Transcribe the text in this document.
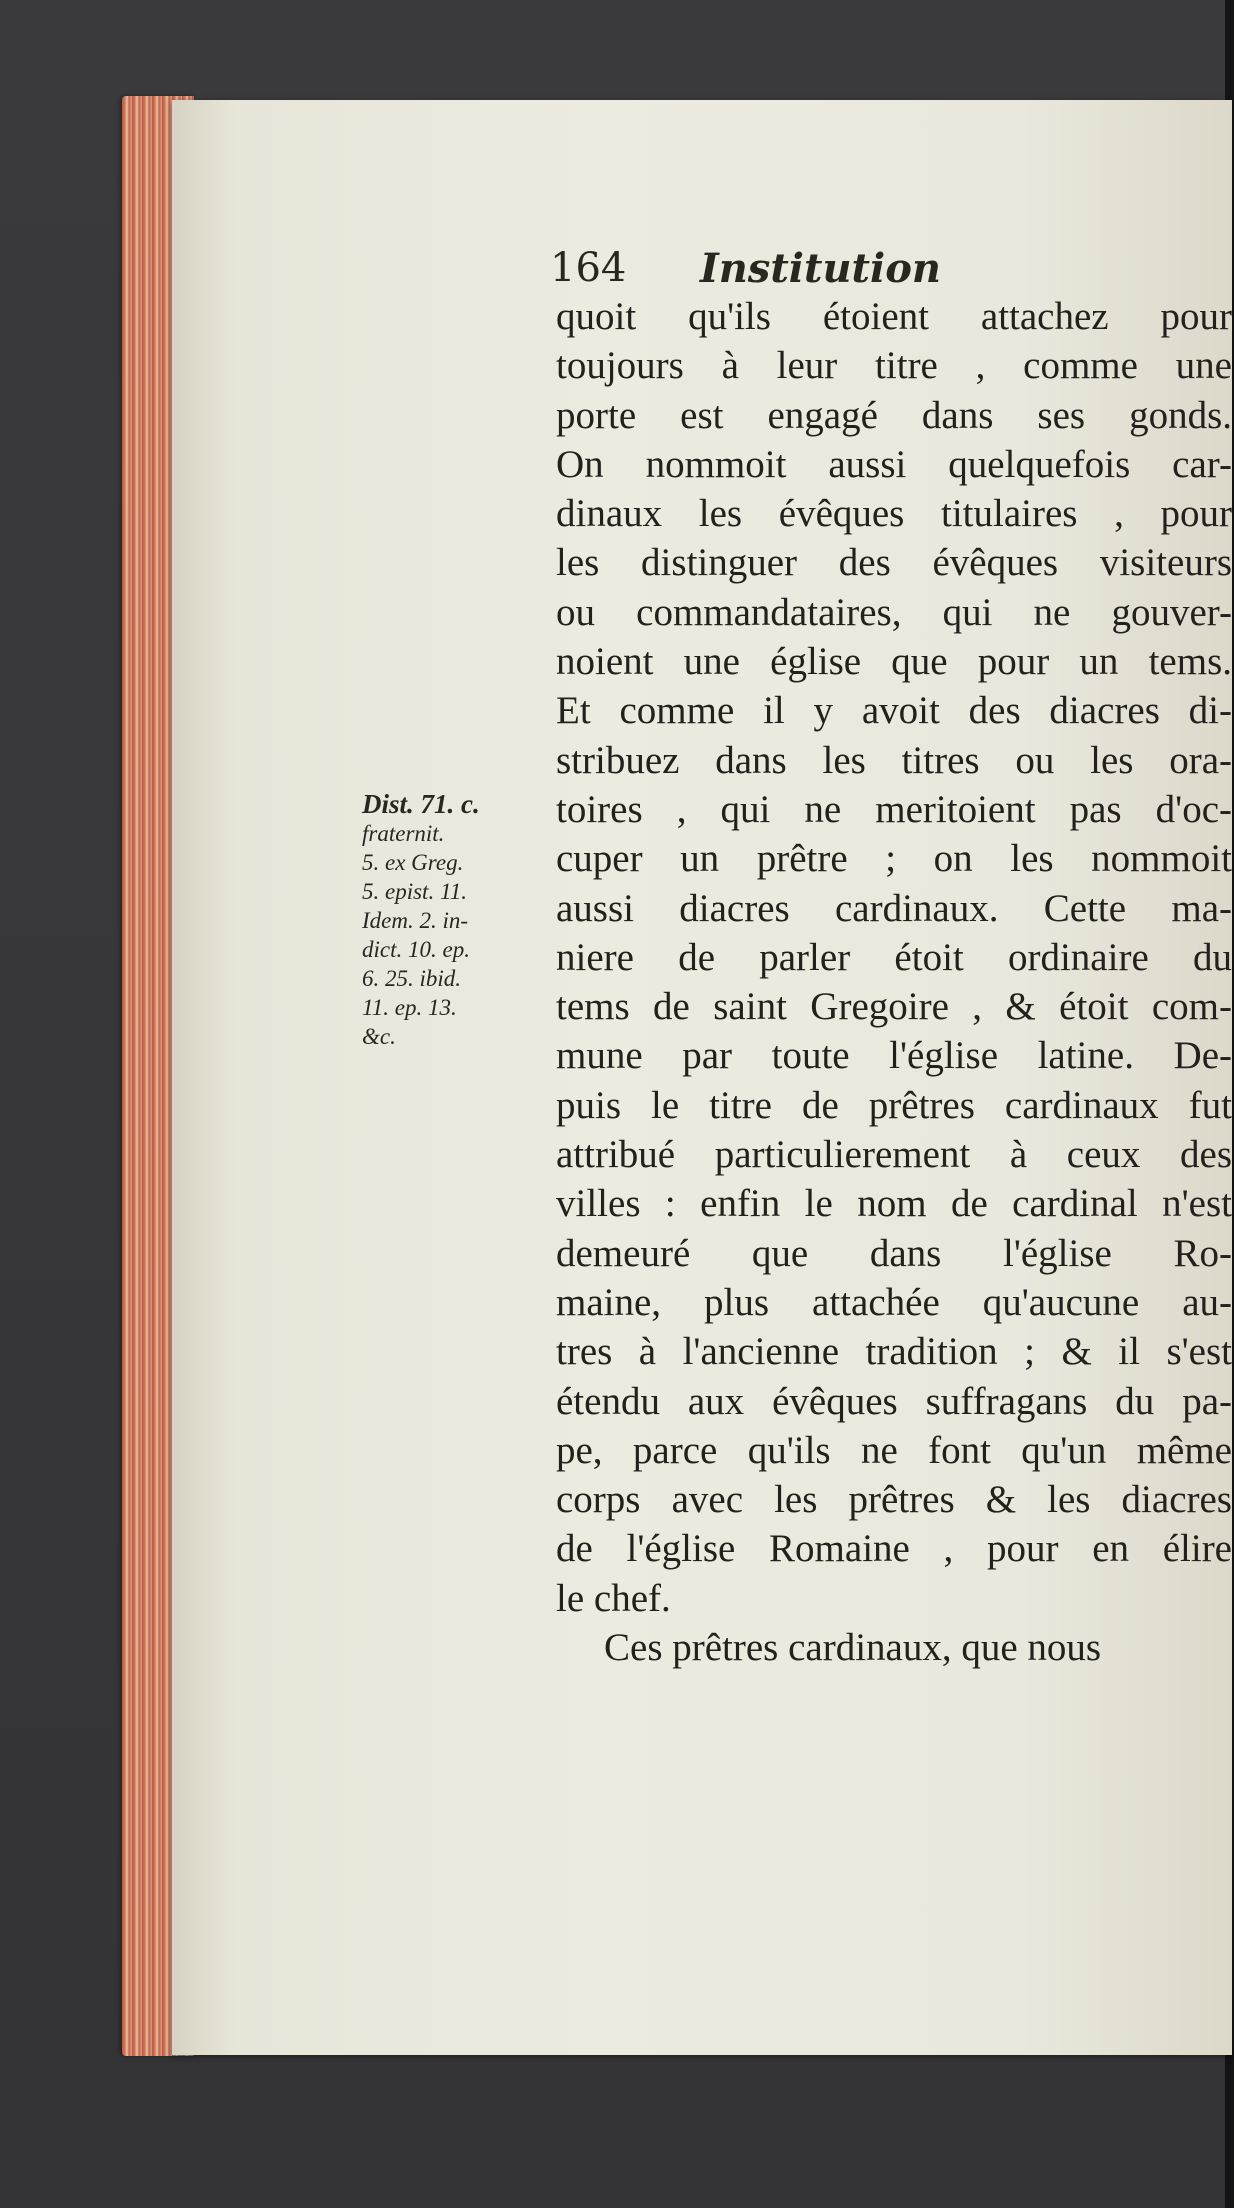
164 Institution
Dist. 71. c.
fraternit.
5. ex Greg.
5. epist. 11.
Idem. 2. in-
dict. 10. ep.
6. 25. ibid.
11. ep. 13.
&c.
quoit qu'ils étoient attachez pour
toujours à leur titre , comme une
porte est engagé dans ses gonds.
On nommoit aussi quelquefois car-
dinaux les évêques titulaires , pour
les distinguer des évêques visiteurs
ou commandataires, qui ne gouver-
noient une église que pour un tems.
Et comme il y avoit des diacres di-
stribuez dans les titres ou les ora-
toires , qui ne meritoient pas d'oc-
cuper un prêtre ; on les nommoit
aussi diacres cardinaux. Cette ma-
niere de parler étoit ordinaire du
tems de saint Gregoire , & étoit com-
mune par toute l'église latine. De-
puis le titre de prêtres cardinaux fut
attribué particulierement à ceux des
villes : enfin le nom de cardinal n'est
demeuré que dans l'église Ro-
maine, plus attachée qu'aucune au-
tres à l'ancienne tradition ; & il s'est
étendu aux évêques suffragans du pa-
pe, parce qu'ils ne font qu'un même
corps avec les prêtres & les diacres
de l'église Romaine , pour en élire
le chef.
Ces prêtres cardinaux, que nous
